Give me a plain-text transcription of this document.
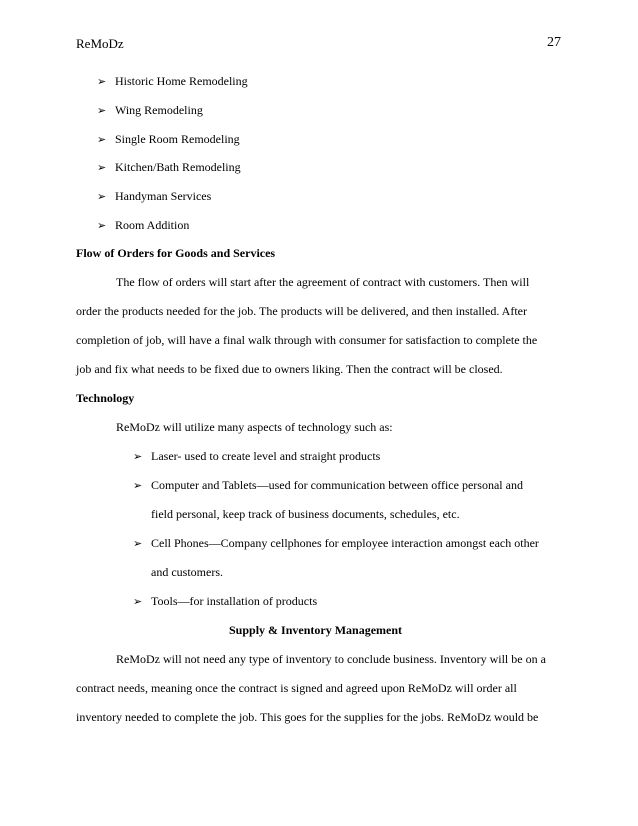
ReMoDz	27
➢ Historic Home Remodeling
➢ Wing Remodeling
➢ Single Room Remodeling
➢ Kitchen/Bath Remodeling
➢ Handyman Services
➢ Room Addition
Flow of Orders for Goods and Services
The flow of orders will start after the agreement of contract with customers. Then will
order the products needed for the job. The products will be delivered, and then installed. After
completion of job, will have a final walk through with consumer for satisfaction to complete the
job and fix what needs to be fixed due to owners liking. Then the contract will be closed.
Technology
ReMoDz will utilize many aspects of technology such as:
➢ Laser- used to create level and straight products
➢ Computer and Tablets—used for communication between office personal and
field personal, keep track of business documents, schedules, etc.
➢ Cell Phones—Company cellphones for employee interaction amongst each other
and customers.
➢ Tools—for installation of products
Supply & Inventory Management
ReMoDz will not need any type of inventory to conclude business. Inventory will be on a
contract needs, meaning once the contract is signed and agreed upon ReMoDz will order all
inventory needed to complete the job. This goes for the supplies for the jobs. ReMoDz would be
